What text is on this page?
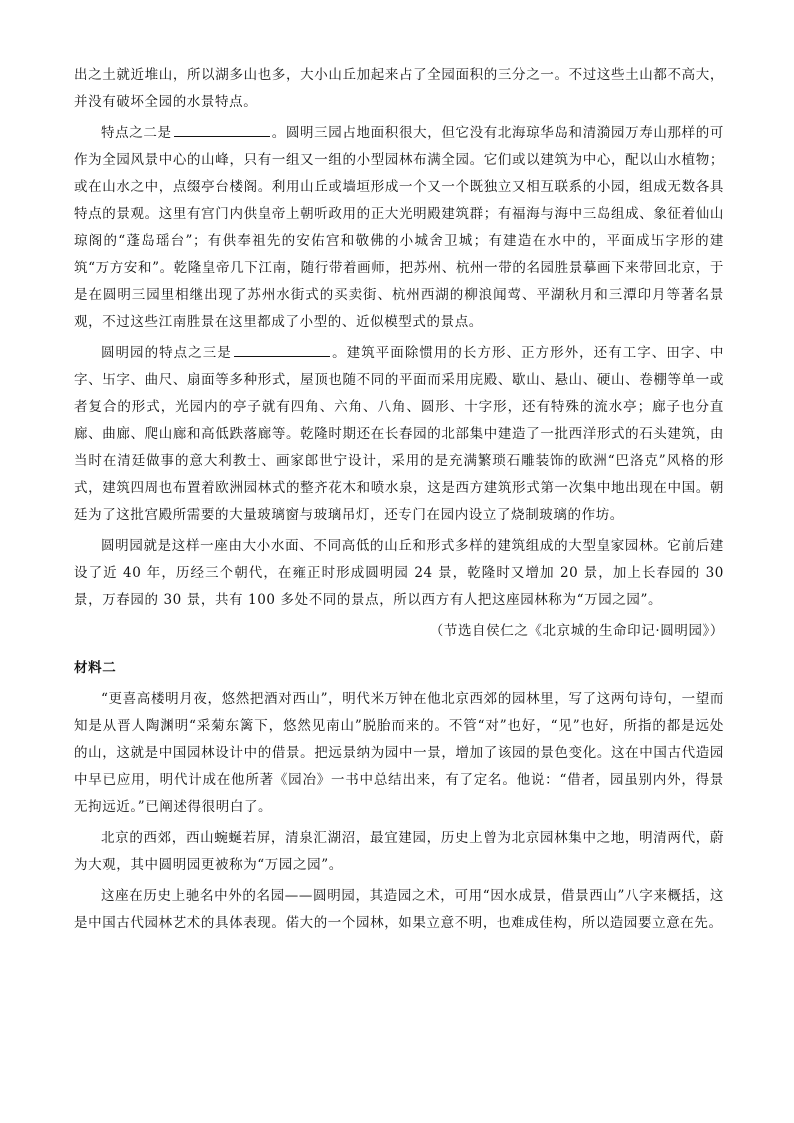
出之土就近堆山，所以湖多山也多，大小山丘加起来占了全园面积的三分之一。不过这些土山都不高大，并没有破坏全园的水景特点。

特点之二是	。圆明三园占地面积很大，但它没有北海琼华岛和清漪园万寿山那样的可作为全园风景中心的山峰，只有一组又一组的小型园林布满全园。它们或以建筑为中心，配以山水植物；或在山水之中，点缀亭台楼阁。利用山丘或墙垣形成一个又一个既独立又相互联系的小园，组成无数各具特点的景观。这里有宫门内供皇帝上朝听政用的正大光明殿建筑群；有福海与海中三岛组成、象征着仙山琼阁的“蓬岛瑶台”；有供奉祖先的安佑宫和敬佛的小城舍卫城；有建造在水中的，平面成卐字形的建筑“万方安和”。乾隆皇帝几下江南，随行带着画师，把苏州、杭州一带的名园胜景摹画下来带回北京，于是在圆明三园里相继出现了苏州水街式的买卖街、杭州西湖的柳浪闻莺、平湖秋月和三潭印月等著名景观，不过这些江南胜景在这里都成了小型的、近似模型式的景点。

圆明园的特点之三是	。建筑平面除惯用的长方形、正方形外，还有工字、田字、中字、卐字、曲尺、扇面等多种形式，屋顶也随不同的平面而采用庑殿、歇山、悬山、硬山、卷棚等单一或者复合的形式，光园内的亭子就有四角、六角、八角、圆形、十字形，还有特殊的流水亭；廊子也分直廊、曲廊、爬山廊和高低跌落廊等。乾隆时期还在长春园的北部集中建造了一批西洋形式的石头建筑，由当时在清廷做事的意大利教士、画家郎世宁设计，采用的是充满繁琐石雕装饰的欧洲“巴洛克”风格的形式，建筑四周也布置着欧洲园林式的整齐花木和喷水泉，这是西方建筑形式第一次集中地出现在中国。朝廷为了这批宫殿所需要的大量玻璃窗与玻璃吊灯，还专门在园内设立了烧制玻璃的作坊。

圆明园就是这样一座由大小水面、不同高低的山丘和形式多样的建筑组成的大型皇家园林。它前后建设了近 40 年，历经三个朝代，在雍正时形成圆明园 24 景，乾隆时又增加 20 景，加上长春园的 30 景，万春园的 30 景，共有 100 多处不同的景点，所以西方有人把这座园林称为“万园之园”。

（节选自侯仁之《北京城的生命印记·圆明园》）

材料二

“更喜高楼明月夜，悠然把酒对西山”，明代米万钟在他北京西郊的园林里，写了这两句诗句，一望而知是从晋人陶渊明“采菊东篱下，悠然见南山”脱胎而来的。不管“对”也好，“见”也好，所指的都是远处的山，这就是中国园林设计中的借景。把远景纳为园中一景，增加了该园的景色变化。这在中国古代造园中早已应用，明代计成在他所著《园冶》一书中总结出来，有了定名。他说：“借者，园虽别内外，得景无拘远近。”已阐述得很明白了。

北京的西郊，西山蜿蜒若屏，清泉汇湖沼，最宜建园，历史上曾为北京园林集中之地，明清两代，蔚为大观，其中圆明园更被称为“万园之园”。

这座在历史上驰名中外的名园——圆明园，其造园之术，可用“因水成景，借景西山”八字来概括，这是中国古代园林艺术的具体表现。偌大的一个园林，如果立意不明，也难成佳构，所以造园要立意在先。
